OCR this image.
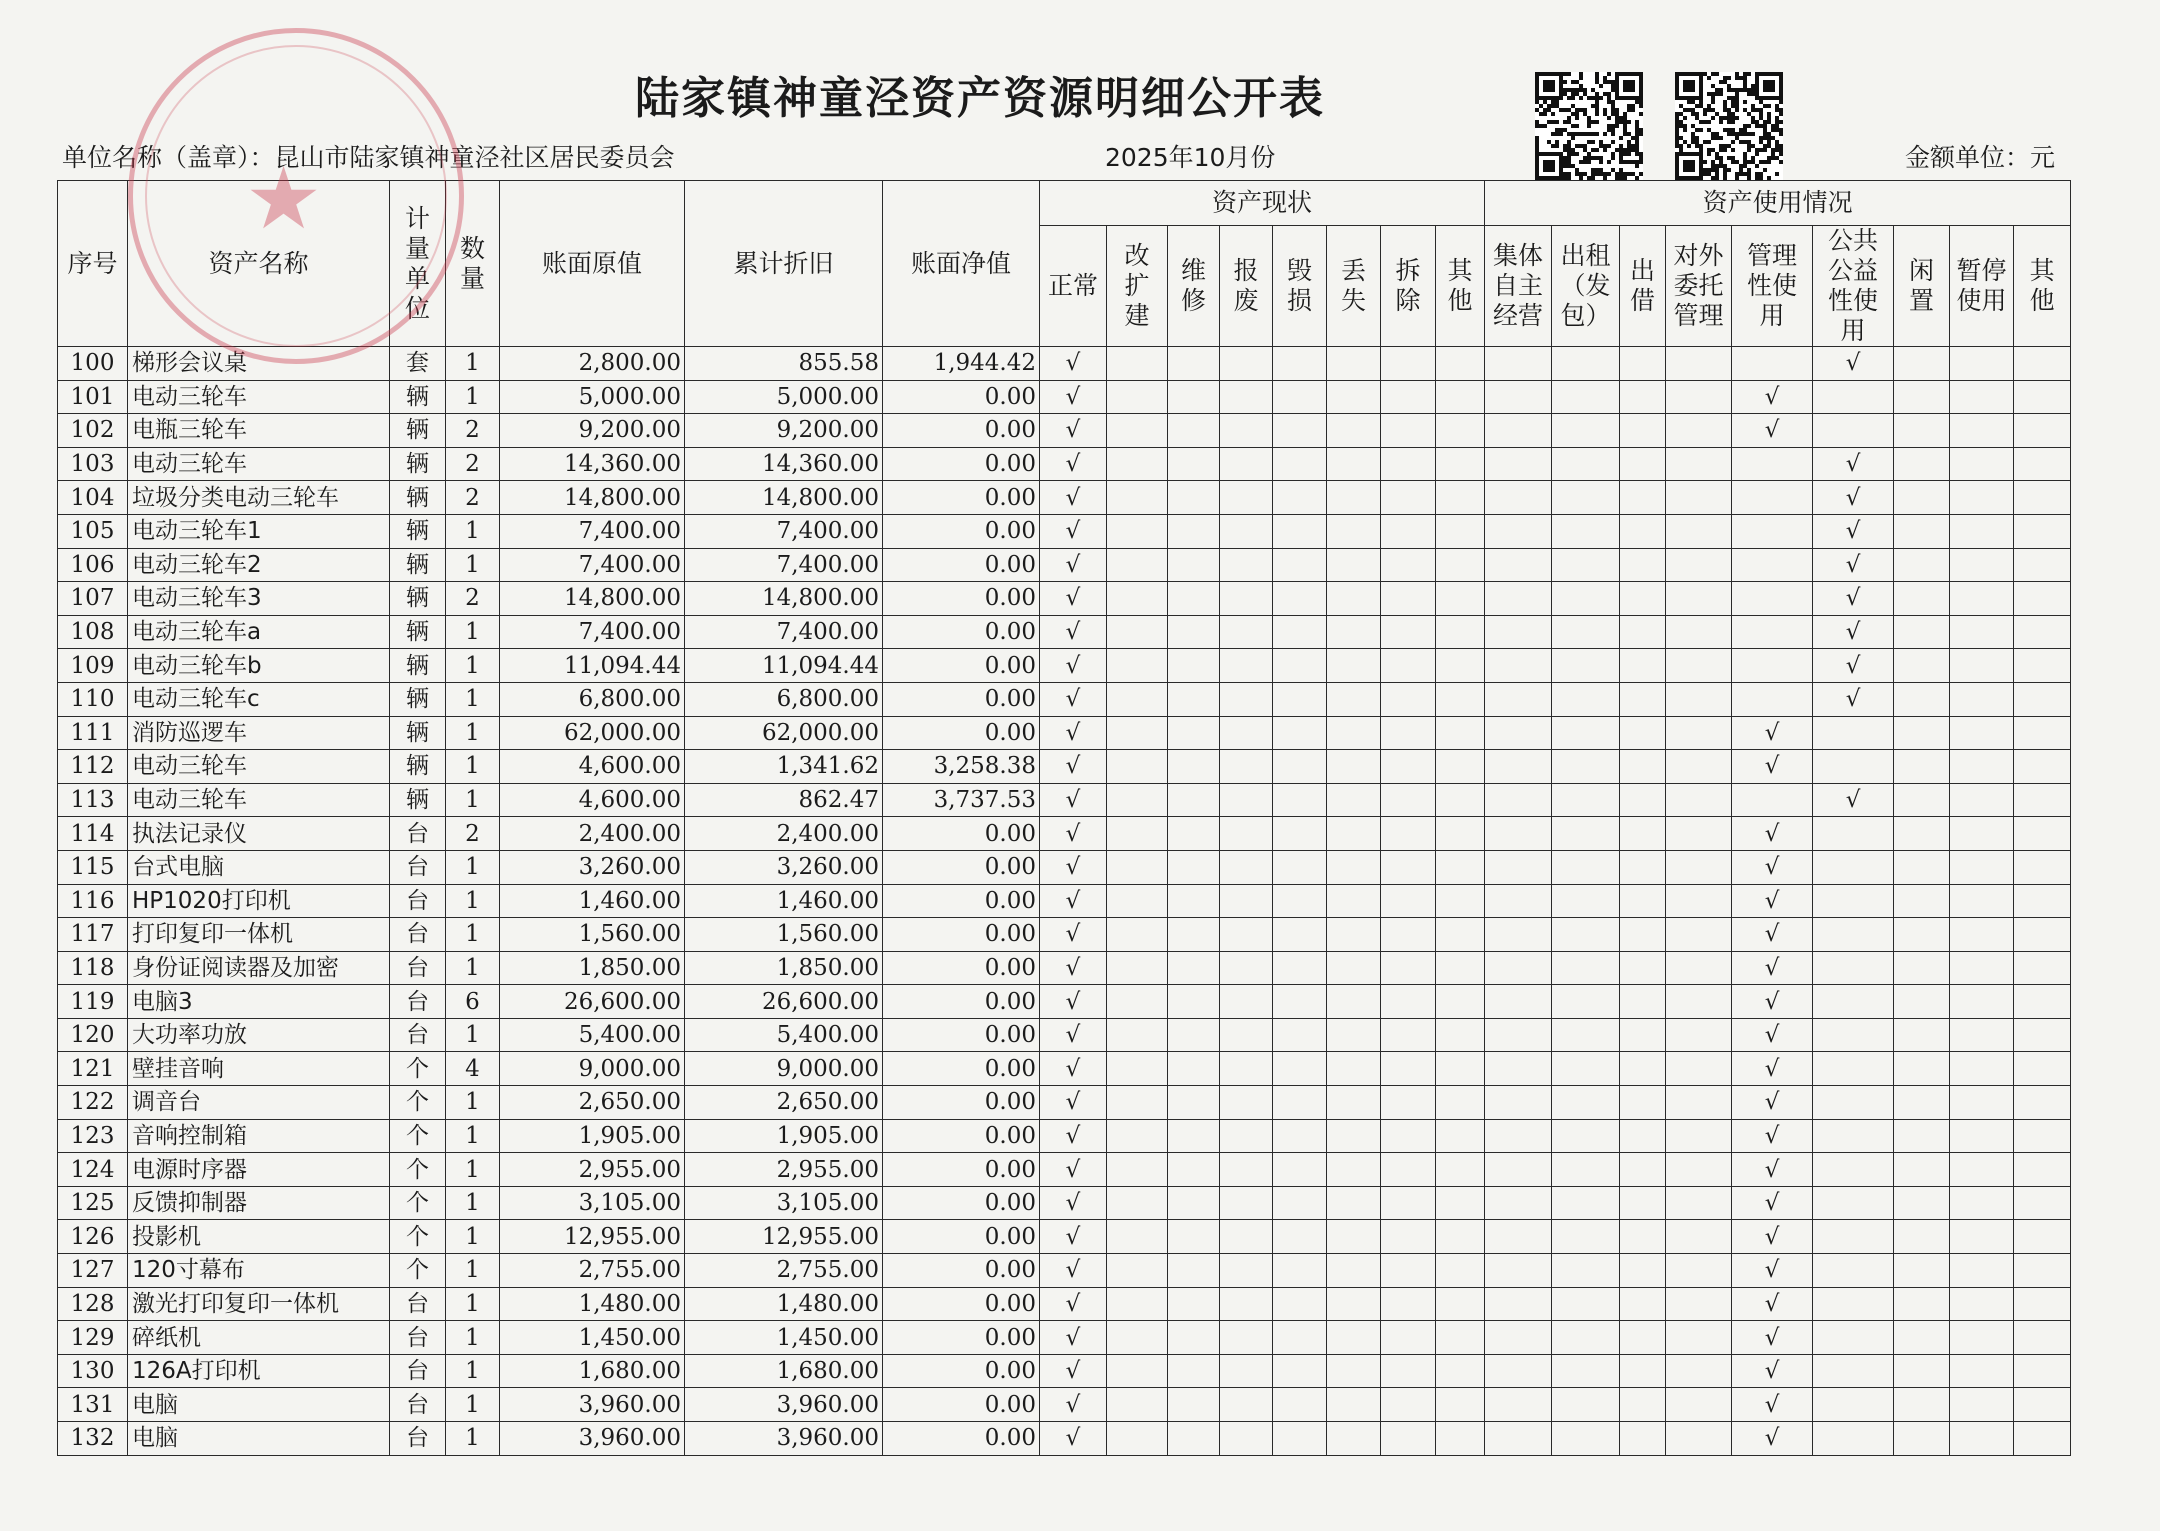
陆家镇神童泾资产资源明细公开表
单位名称（盖章）：昆山市陆家镇神童泾社区居民委员会	2025年10月份	金额单位：元
★
序号	资产名称	计量单位	数量	账面原值	累计折旧	账面净值	资产现状								资产使用情况								

							正常	改扩建	维修	报废	毁损	丢失	拆除	其他	集体自主经营	出租（发包）	出借	对外委托管理	管理性使用	公共公益性使用	闲置	暂停使用	其他

100	梯形会议桌	套	1	2,800.00	855.58	1,944.42	√													√			
101	电动三轮车	辆	1	5,000.00	5,000.00	0.00	√												√				
102	电瓶三轮车	辆	2	9,200.00	9,200.00	0.00	√												√				
103	电动三轮车	辆	2	14,360.00	14,360.00	0.00	√													√			
104	垃圾分类电动三轮车	辆	2	14,800.00	14,800.00	0.00	√													√			
105	电动三轮车1	辆	1	7,400.00	7,400.00	0.00	√													√			
106	电动三轮车2	辆	1	7,400.00	7,400.00	0.00	√													√			
107	电动三轮车3	辆	2	14,800.00	14,800.00	0.00	√													√			
108	电动三轮车a	辆	1	7,400.00	7,400.00	0.00	√													√			
109	电动三轮车b	辆	1	11,094.44	11,094.44	0.00	√													√			
110	电动三轮车c	辆	1	6,800.00	6,800.00	0.00	√													√			
111	消防巡逻车	辆	1	62,000.00	62,000.00	0.00	√												√				
112	电动三轮车	辆	1	4,600.00	1,341.62	3,258.38	√												√				
113	电动三轮车	辆	1	4,600.00	862.47	3,737.53	√													√			
114	执法记录仪	台	2	2,400.00	2,400.00	0.00	√												√				
115	台式电脑	台	1	3,260.00	3,260.00	0.00	√												√				
116	HP1020打印机	台	1	1,460.00	1,460.00	0.00	√												√				
117	打印复印一体机	台	1	1,560.00	1,560.00	0.00	√												√				
118	身份证阅读器及加密	台	1	1,850.00	1,850.00	0.00	√												√				
119	电脑3	台	6	26,600.00	26,600.00	0.00	√												√				
120	大功率功放	台	1	5,400.00	5,400.00	0.00	√												√				
121	壁挂音响	个	4	9,000.00	9,000.00	0.00	√												√				
122	调音台	个	1	2,650.00	2,650.00	0.00	√												√				
123	音响控制箱	个	1	1,905.00	1,905.00	0.00	√												√				
124	电源时序器	个	1	2,955.00	2,955.00	0.00	√												√				
125	反馈抑制器	个	1	3,105.00	3,105.00	0.00	√												√				
126	投影机	个	1	12,955.00	12,955.00	0.00	√												√				
127	120寸幕布	个	1	2,755.00	2,755.00	0.00	√												√				
128	激光打印复印一体机	台	1	1,480.00	1,480.00	0.00	√												√				
129	碎纸机	台	1	1,450.00	1,450.00	0.00	√												√				
130	126A打印机	台	1	1,680.00	1,680.00	0.00	√												√				
131	电脑	台	1	3,960.00	3,960.00	0.00	√												√				
132	电脑	台	1	3,960.00	3,960.00	0.00	√												√				
